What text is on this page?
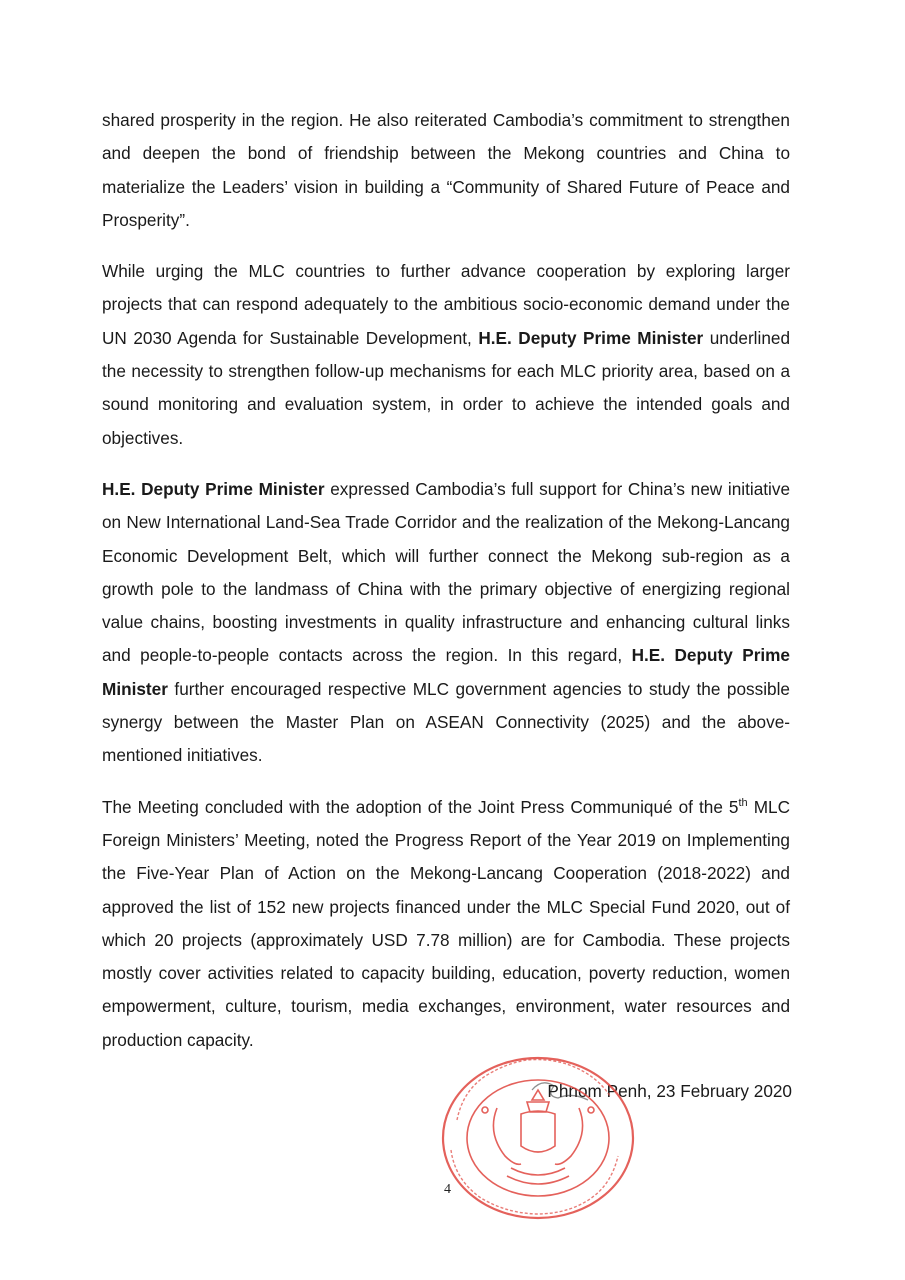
shared prosperity in the region. He also reiterated Cambodia’s commitment to strengthen and deepen the bond of friendship between the Mekong countries and China to materialize the Leaders’ vision in building a “Community of Shared Future of Peace and Prosperity”.

While urging the MLC countries to further advance cooperation by exploring larger projects that can respond adequately to the ambitious socio-economic demand under the UN 2030 Agenda for Sustainable Development, H.E. Deputy Prime Minister underlined the necessity to strengthen follow-up mechanisms for each MLC priority area, based on a sound monitoring and evaluation system, in order to achieve the intended goals and objectives.

H.E. Deputy Prime Minister expressed Cambodia’s full support for China’s new initiative on New International Land-Sea Trade Corridor and the realization of the Mekong-Lancang Economic Development Belt, which will further connect the Mekong sub-region as a growth pole to the landmass of China with the primary objective of energizing regional value chains, boosting investments in quality infrastructure and enhancing cultural links and people-to-people contacts across the region. In this regard, H.E. Deputy Prime Minister further encouraged respective MLC government agencies to study the possible synergy between the Master Plan on ASEAN Connectivity (2025) and the above-mentioned initiatives.

The Meeting concluded with the adoption of the Joint Press Communiqué of the 5th MLC Foreign Ministers’ Meeting, noted the Progress Report of the Year 2019 on Implementing the Five-Year Plan of Action on the Mekong-Lancang Cooperation (2018-2022) and approved the list of 152 new projects financed under the MLC Special Fund 2020, out of which 20 projects (approximately USD 7.78 million) are for Cambodia. These projects mostly cover activities related to capacity building, education, poverty reduction, women empowerment, culture, tourism, media exchanges, environment, water resources and production capacity.

Phnom Penh, 23 February 2020
4
